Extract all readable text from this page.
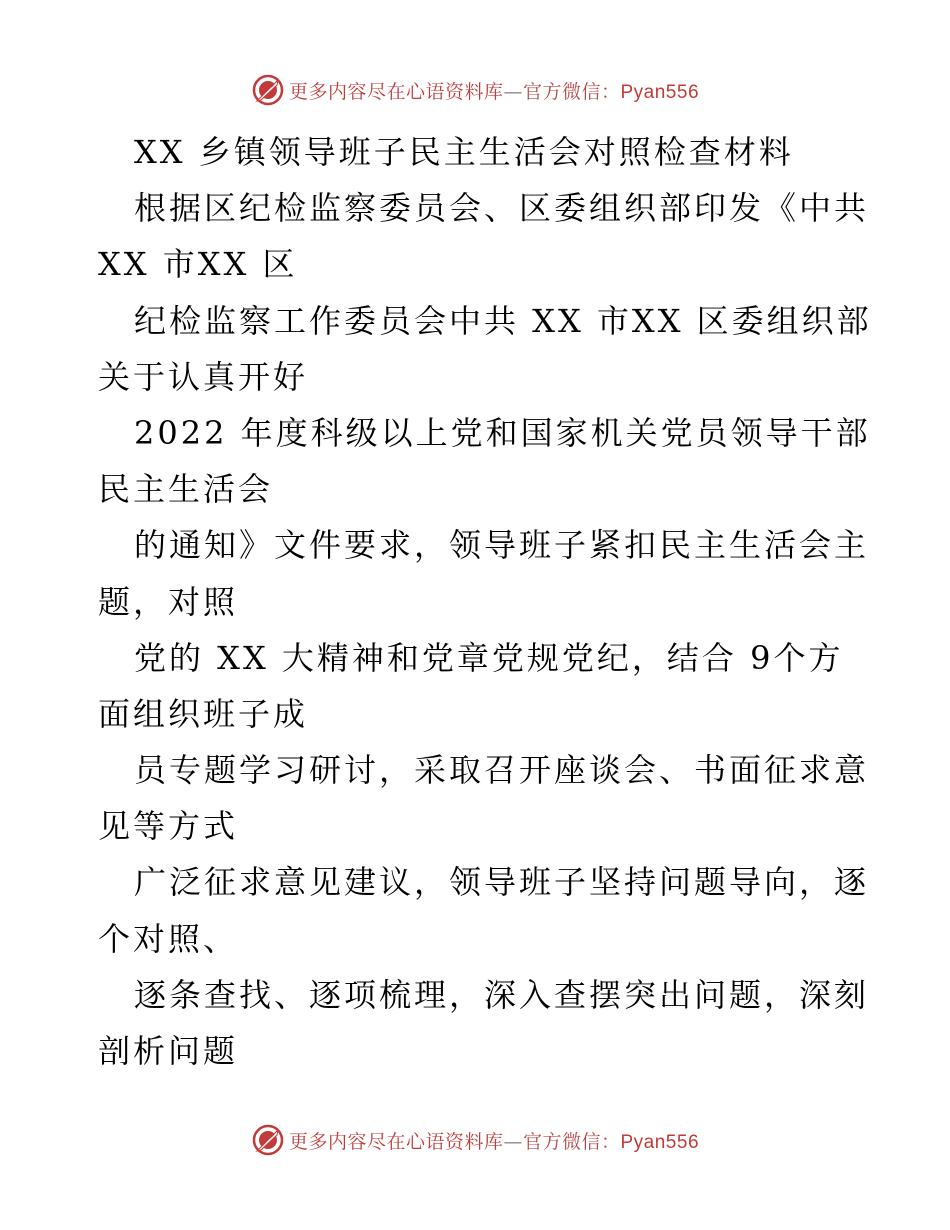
更多内容尽在心语资料库—官方微信：Pyan556
XX 乡镇领导班子民主生活会对照检查材料
根据区纪检监察委员会、区委组织部印发《中共
XX 市XX 区
纪检监察工作委员会中共 XX 市XX 区委组织部
关于认真开好
2022 年度科级以上党和国家机关党员领导干部
民主生活会
的通知》文件要求，领导班子紧扣民主生活会主
题，对照
党的 XX 大精神和党章党规党纪，结合 9个方
面组织班子成
员专题学习研讨，采取召开座谈会、书面征求意
见等方式
广泛征求意见建议，领导班子坚持问题导向，逐
个对照、
逐条查找、逐项梳理，深入查摆突出问题，深刻
剖析问题
更多内容尽在心语资料库—官方微信：Pyan556
